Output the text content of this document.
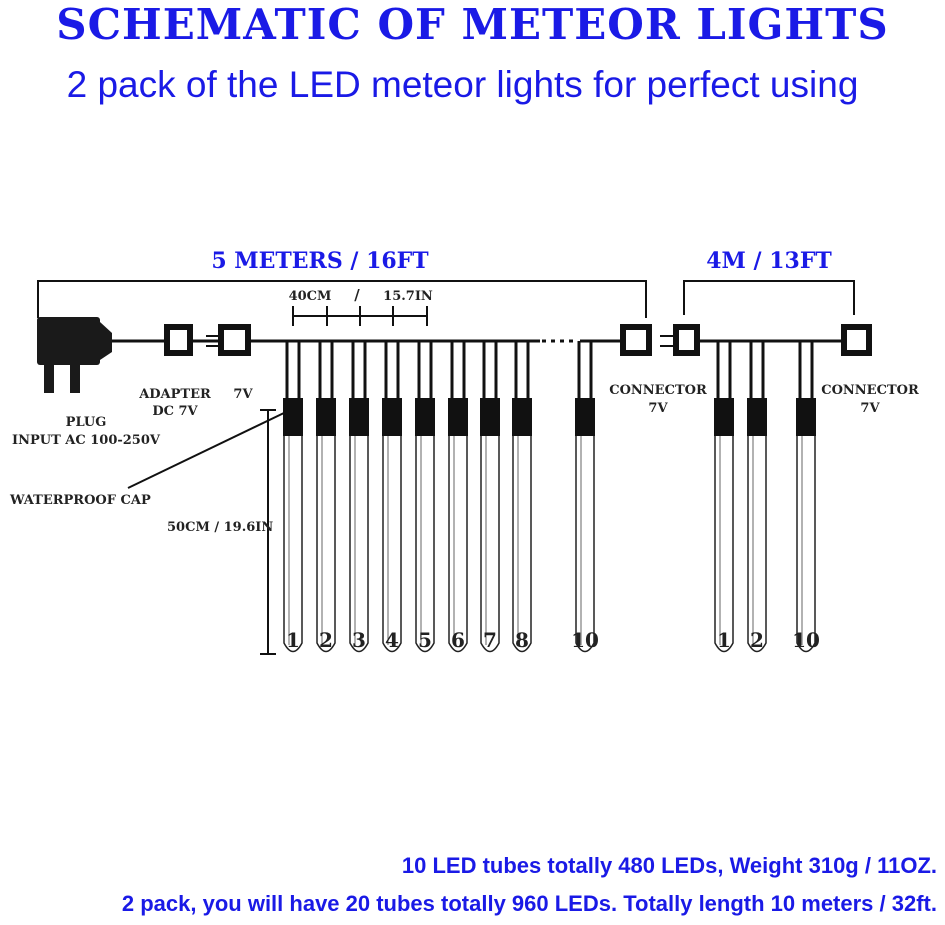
SCHEMATIC OF METEOR LIGHTS
2 pack of the LED meteor lights for perfect using
1 2 3 4 5 6 7 8 10	1 2 10
5 METERS / 16FT	4M / 13FT
40CM / 15.7IN
ADAPTER
DC 7V
7V
PLUG
INPUT AC 100-250V
CONNECTOR
7V
CONNECTOR
7V
WATERPROOF CAP
50CM / 19.6IN
10 LED tubes totally 480 LEDs, Weight 310g / 11OZ.
2 pack, you will have 20 tubes totally 960 LEDs. Totally length 10 meters / 32ft.
